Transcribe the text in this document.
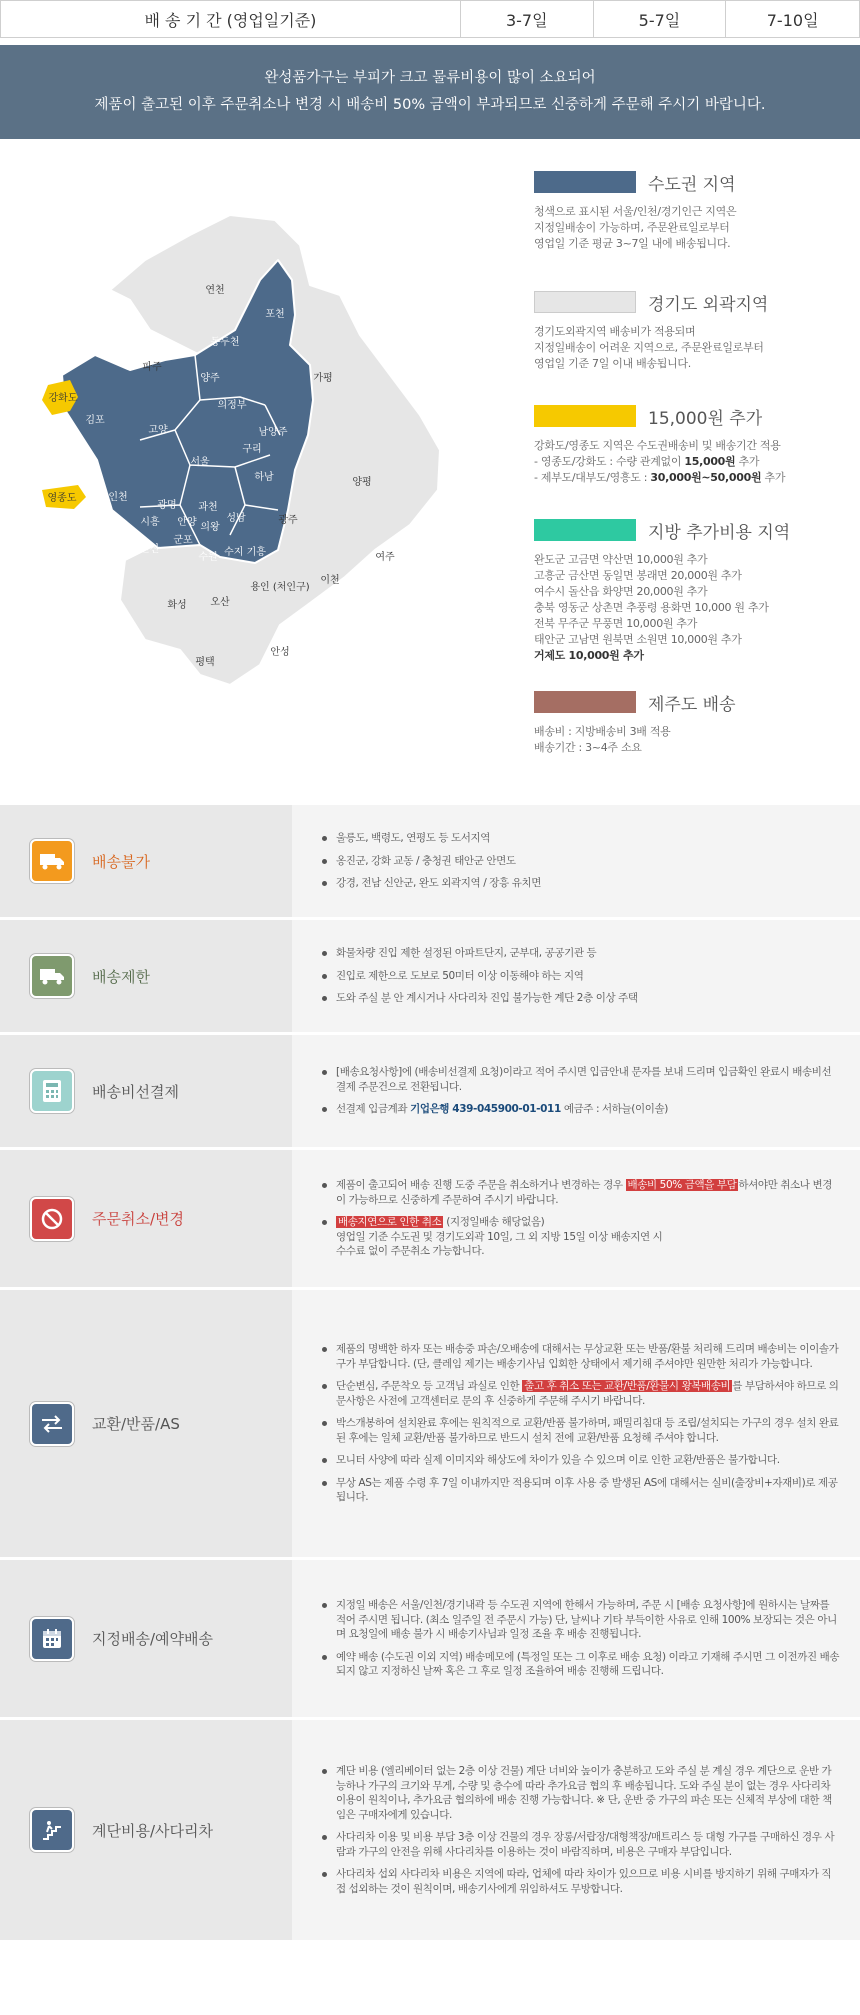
배 송 기 간 (영업일기준)	3-7일	5-7일	7-10일
완성품가구는 부피가 크고 물류비용이 많이 소요되어
제품이 출고된 이후 주문취소나 변경 시 배송비 50% 금액이 부과되므로 신중하게 주문해 주시기 바랍니다.
연천
포천
동두천
파주
가평
양주
의정부
강화도
김포
고양	남양주
구리
서울
하남	양평
영종도	인천
시흥
광명
안양 의왕
성남	광주
안산
군포
수원
과천
수지 기흥
용인 (처인구)
여주
이천
화성 오산
평택
안성
수도권 지역
청색으로 표시된 서울/인천/경기인근 지역은
지정일배송이 가능하며, 주문완료일로부터
영업일 기준 평균 3~7일 내에 배송됩니다.
경기도 외곽지역
경기도외곽지역 배송비가 적용되며
지정일배송이 어려운 지역으로, 주문완료일로부터
영업일 기준 7일 이내 배송됩니다.
15,000원 추가
강화도/영종도 지역은 수도권배송비 및 배송기간 적용
- 영종도/강화도 : 수량 관계없이 15,000원 추가
- 제부도/대부도/영흥도 : 30,000원~50,000원 추가
지방 추가비용 지역
완도군 고금면 약산면 10,000원 추가
고흥군 금산면 동일면 봉래면 20,000원 추가
여수시 돌산읍 화양면 20,000원 추가
충북 영동군 상촌면 추풍령 용화면 10,000 원 추가
전북 무주군 무풍면 10,000원 추가
태안군 고남면 원북면 소원면 10,000원 추가
거제도 10,000원 추가
제주도 배송
배송비 : 지방배송비 3배 적용
배송기간 : 3~4주 소요
배송불가
울릉도, 백령도, 연평도 등 도서지역
옹진군, 강화 교동 / 충청권 태안군 안면도
강경, 전남 신안군, 완도 외곽지역 / 장흥 유치면
배송제한
화물차량 진입 제한 설정된 아파트단지, 군부대, 공공기관 등
진입로 제한으로 도보로 50미터 이상 이동해야 하는 지역
도와 주실 분 안 계시거나 사다리차 진입 불가능한 계단 2층 이상 주택
배송비선결제
[배송요청사항]에 (배송비선결제 요청)이라고 적어 주시면 입금안내 문자를 보내 드리며 입금확인 완료시 배송비선결제 주문건으로 전환됩니다.
선결제 입금계좌 기업은행 439-045900-01-011 예금주 : 서하늘(이이솔)
주문취소/변경
제품이 출고되어 배송 진행 도중 주문을 취소하거나 변경하는 경우 배송비 50% 금액을 부담 하셔야만 취소나 변경이 가능하므로 신중하게 주문하여 주시기 바랍니다.
배송지연으로 인한 취소 (지정일배송 해당없음)
영업일 기준 수도권 및 경기도외곽 10일, 그 외 지방 15일 이상 배송지연 시
수수료 없이 주문취소 가능합니다.
교환/반품/AS
제품의 명백한 하자 또는 배송중 파손/오배송에 대해서는 무상교환 또는 반품/환불 처리해 드리며 배송비는 이이솔가구가 부담합니다. (단, 클레임 제기는 배송기사님 입회한 상태에서 제기해 주셔야만 원만한 처리가 가능합니다.
단순변심, 주문착오 등 고객님 과실로 인한 출고 후 취소 또는 교환/반품/환불시 왕복배송비 를 부담하셔야 하므로 의문사항은 사전에 고객센터로 문의 후 신중하게 주문해 주시기 바랍니다.
박스개봉하여 설치완료 후에는 원칙적으로 교환/반품 불가하며, 패밀리침대 등 조립/설치되는 가구의 경우 설치 완료된 후에는 일체 교환/반품 불가하므로 반드시 설치 전에 교환/반품 요청해 주셔야 합니다.
모니터 사양에 따라 실제 이미지와 해상도에 차이가 있을 수 있으며 이로 인한 교환/반품은 불가합니다.
무상 AS는 제품 수령 후 7일 이내까지만 적용되며 이후 사용 중 발생된 AS에 대해서는 실비(출장비+자재비)로 제공됩니다.
지정배송/예약배송
지정일 배송은 서울/인천/경기내곽 등 수도권 지역에 한해서 가능하며, 주문 시 [배송 요청사항]에 원하시는 날짜를 적어 주시면 됩니다. (최소 일주일 전 주문시 가능) 단, 날씨나 기타 부득이한 사유로 인해 100% 보장되는 것은 아니며 요청일에 배송 불가 시 배송기사님과 일정 조율 후 배송 진행됩니다.
예약 배송 (수도권 이외 지역) 배송메모에 (특정일 또는 그 이후로 배송 요청) 이라고 기재해 주시면 그 이전까진 배송되지 않고 지정하신 날짜 혹은 그 후로 일정 조율하여 배송 진행해 드립니다.
계단비용/사다리차
계단 비용 (엘리베이터 없는 2층 이상 건물) 계단 너비와 높이가 충분하고 도와 주실 분 계실 경우 계단으로 운반 가능하나 가구의 크기와 무게, 수량 및 층수에 따라 추가요금 협의 후 배송됩니다. 도와 주실 분이 없는 경우 사다리차 이용이 원칙이나, 추가요금 협의하에 배송 진행 가능합니다. ※ 단, 운반 중 가구의 파손 또는 신체적 부상에 대한 책임은 구매자에게 있습니다.
사다리차 이용 및 비용 부담 3층 이상 건물의 경우 장롱/서랍장/대형책장/매트리스 등 대형 가구를 구매하신 경우 사람과 가구의 안전을 위해 사다리차를 이용하는 것이 바람직하며, 비용은 구매자 부담입니다.
사다리차 섭외 사다리차 비용은 지역에 따라, 업체에 따라 차이가 있으므로 비용 시비를 방지하기 위해 구매자가 직접 섭외하는 것이 원칙이며, 배송기사에게 위임하셔도 무방합니다.
